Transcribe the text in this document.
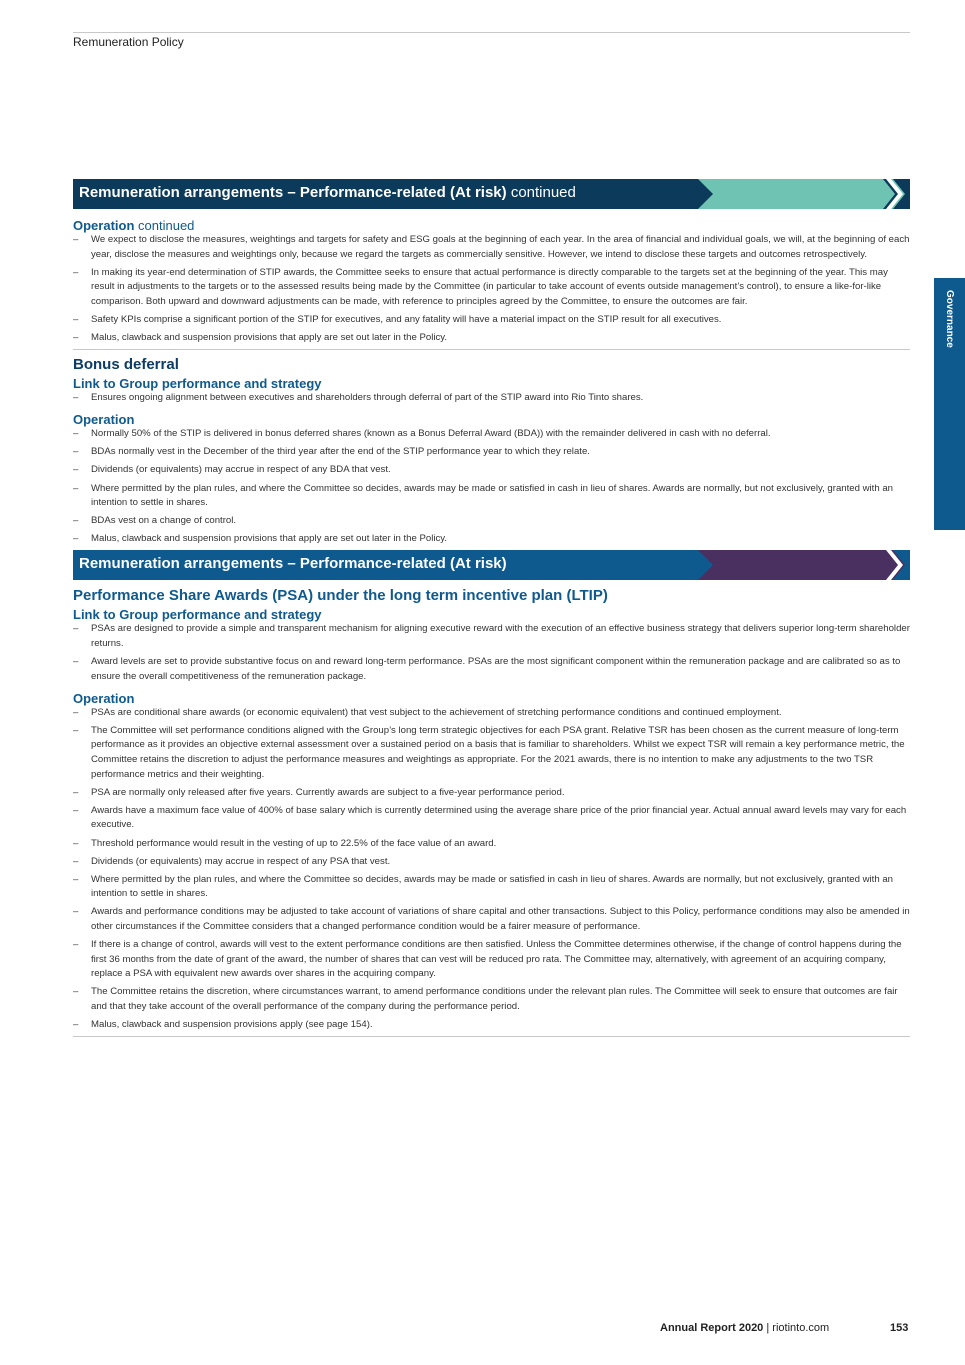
Remuneration Policy
Governance
Remuneration arrangements – Performance-related (At risk) continued
Operation continued
– We expect to disclose the measures, weightings and targets for safety and ESG goals at the beginning of each year. In the area of financial and individual goals, we will, at the beginning of each year, disclose the measures and weightings only, because we regard the targets as commercially sensitive. However, we intend to disclose these targets and outcomes retrospectively.
– In making its year-end determination of STIP awards, the Committee seeks to ensure that actual performance is directly comparable to the targets set at the beginning of the year. This may result in adjustments to the targets or to the assessed results being made by the Committee (in particular to take account of events outside management’s control), to ensure a like-for-like comparison. Both upward and downward adjustments can be made, with reference to principles agreed by the Committee, to ensure the outcomes are fair.
– Safety KPIs comprise a significant portion of the STIP for executives, and any fatality will have a material impact on the STIP result for all executives.
– Malus, clawback and suspension provisions that apply are set out later in the Policy.
Bonus deferral
Link to Group performance and strategy
– Ensures ongoing alignment between executives and shareholders through deferral of part of the STIP award into Rio Tinto shares.
Operation
– Normally 50% of the STIP is delivered in bonus deferred shares (known as a Bonus Deferral Award (BDA)) with the remainder delivered in cash with no deferral.
– BDAs normally vest in the December of the third year after the end of the STIP performance year to which they relate.
– Dividends (or equivalents) may accrue in respect of any BDA that vest.
– Where permitted by the plan rules, and where the Committee so decides, awards may be made or satisfied in cash in lieu of shares. Awards are normally, but not exclusively, granted with an intention to settle in shares.
– BDAs vest on a change of control.
– Malus, clawback and suspension provisions that apply are set out later in the Policy.
Remuneration arrangements – Performance-related (At risk)
Performance Share Awards (PSA) under the long term incentive plan (LTIP)
Link to Group performance and strategy
– PSAs are designed to provide a simple and transparent mechanism for aligning executive reward with the execution of an effective business strategy that delivers superior long-term shareholder returns.
– Award levels are set to provide substantive focus on and reward long-term performance. PSAs are the most significant component within the remuneration package and are calibrated so as to ensure the overall competitiveness of the remuneration package.
Operation
– PSAs are conditional share awards (or economic equivalent) that vest subject to the achievement of stretching performance conditions and continued employment.
– The Committee will set performance conditions aligned with the Group’s long term strategic objectives for each PSA grant. Relative TSR has been chosen as the current measure of long-term performance as it provides an objective external assessment over a sustained period on a basis that is familiar to shareholders. Whilst we expect TSR will remain a key performance metric, the Committee retains the discretion to adjust the performance measures and weightings as appropriate. For the 2021 awards, there is no intention to make any adjustments to the two TSR performance metrics and their weighting.
– PSA are normally only released after five years. Currently awards are subject to a five-year performance period.
– Awards have a maximum face value of 400% of base salary which is currently determined using the average share price of the prior financial year. Actual annual award levels may vary for each executive.
– Threshold performance would result in the vesting of up to 22.5% of the face value of an award.
– Dividends (or equivalents) may accrue in respect of any PSA that vest.
– Where permitted by the plan rules, and where the Committee so decides, awards may be made or satisfied in cash in lieu of shares. Awards are normally, but not exclusively, granted with an intention to settle in shares.
– Awards and performance conditions may be adjusted to take account of variations of share capital and other transactions. Subject to this Policy, performance conditions may also be amended in other circumstances if the Committee considers that a changed performance condition would be a fairer measure of performance.
– If there is a change of control, awards will vest to the extent performance conditions are then satisfied. Unless the Committee determines otherwise, if the change of control happens during the first 36 months from the date of grant of the award, the number of shares that can vest will be reduced pro rata. The Committee may, alternatively, with agreement of an acquiring company, replace a PSA with equivalent new awards over shares in the acquiring company.
– The Committee retains the discretion, where circumstances warrant, to amend performance conditions under the relevant plan rules. The Committee will seek to ensure that outcomes are fair and that they take account of the overall performance of the company during the performance period.
– Malus, clawback and suspension provisions apply (see page 154).
Annual Report 2020 | riotinto.com	153
